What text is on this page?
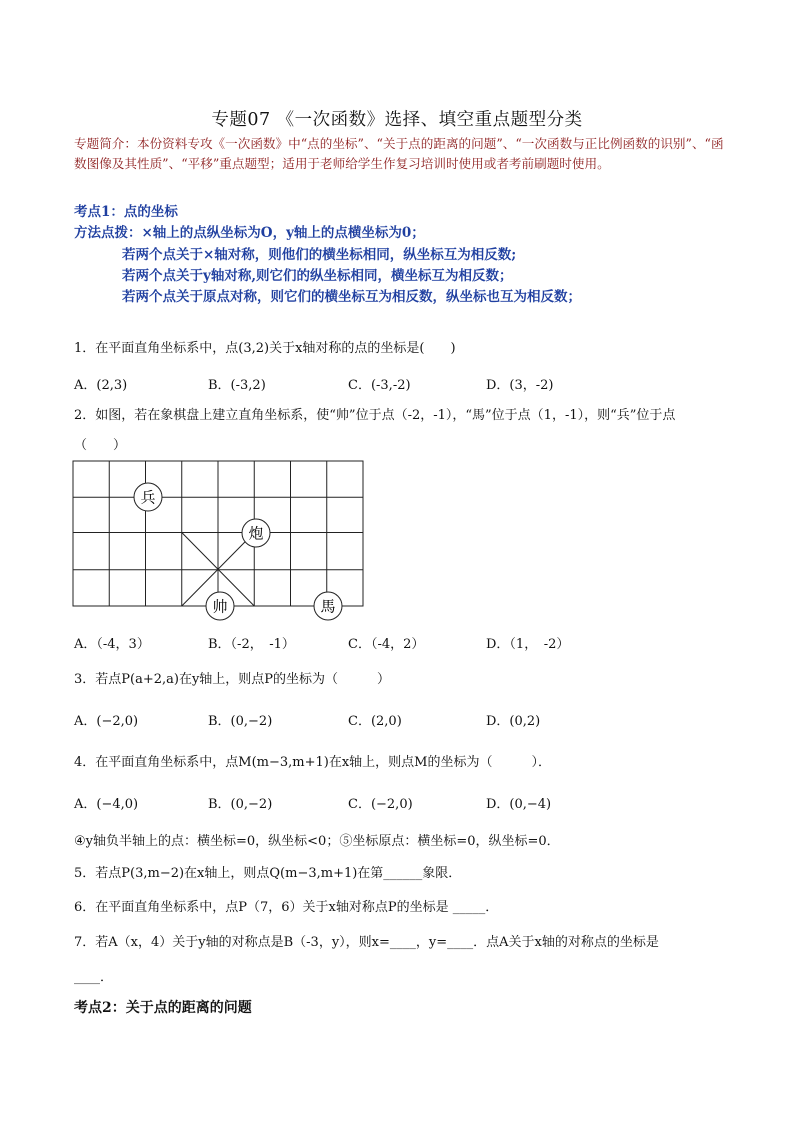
专题07 《一次函数》选择、填空重点题型分类
专题简介：本份资料专攻《一次函数》中“点的坐标”、“关于点的距离的问题”、“一次函数与正比例函数的识别”、“函数图像及其性质”、“平移”重点题型；适用于老师给学生作复习培训时使用或者考前刷题时使用。
考点1：点的坐标
方法点拨：×轴上的点纵坐标为O，y轴上的点横坐标为0；
若两个点关于×轴对称，则他们的横坐标相同，纵坐标互为相反数;
若两个点关于y轴对称,则它们的纵坐标相同，横坐标互为相反数；
若两个点关于原点对称，则它们的横坐标互为相反数，纵坐标也互为相反数；
1．在平面直角坐标系中，点(3,2)关于x轴对称的点的坐标是(　　)
A．(2,3)	B．(-3,2)	C．(-3,-2)	D．(3，-2)
2．如图，若在象棋盘上建立直角坐标系，使“帅”位于点（-2，-1），“馬”位于点（1，-1），则“兵”位于点
（　　）
兵
炮
帅	馬
A．（-4，3）	B．（-2，　-1）	C．（-4，2）	D．（1，　-2）
3．若点P(a+2,a)在y轴上，则点P的坐标为（　　　）
A．(−2,0)	B．(0,−2)	C．(2,0)	D．(0,2)
4．在平面直角坐标系中，点M(m−3,m+1)在x轴上，则点M的坐标为（　　　）．
A．(−4,0)	B．(0,−2)	C．(−2,0)	D．(0,−4)
④y轴负半轴上的点：横坐标=0，纵坐标<0；⑤坐标原点：横坐标=0，纵坐标=0．
5．若点P(3,m−2)在x轴上，则点Q(m−3,m+1)在第______象限．
6．在平面直角坐标系中，点P（7，6）关于x轴对称点P的坐标是 _____．
7．若A（x，4）关于y轴的对称点是B（-3，y），则x=____，y=____．点A关于x轴的对称点的坐标是
____．
考点2：关于点的距离的问题
